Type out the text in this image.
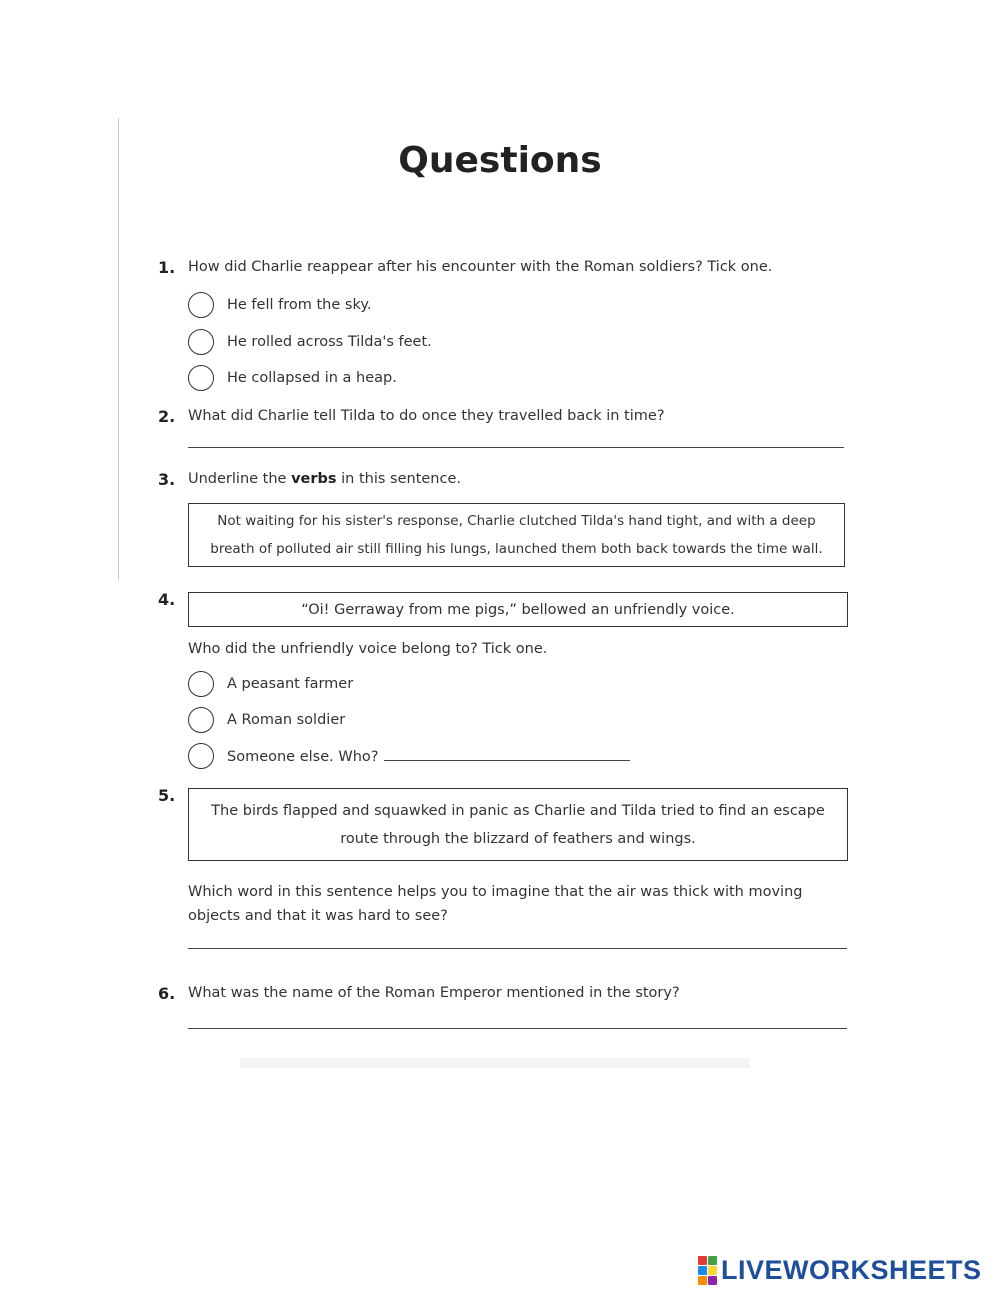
Questions
1. How did Charlie reappear after his encounter with the Roman soldiers? Tick one.
He fell from the sky.
He rolled across Tilda's feet.
He collapsed in a heap.
2. What did Charlie tell Tilda to do once they travelled back in time?
3. Underline the verbs in this sentence.
Not waiting for his sister's response, Charlie clutched Tilda's hand tight, and with a deep
breath of polluted air still filling his lungs, launched them both back towards the time wall.
4.
“Oi! Gerraway from me pigs,” bellowed an unfriendly voice.
Who did the unfriendly voice belong to? Tick one.
A peasant farmer
A Roman soldier
Someone else. Who?
5.
The birds flapped and squawked in panic as Charlie and Tilda tried to find an escape
route through the blizzard of feathers and wings.
Which word in this sentence helps you to imagine that the air was thick with moving
objects and that it was hard to see?
6. What was the name of the Roman Emperor mentioned in the story?
LIVEWORKSHEETS
